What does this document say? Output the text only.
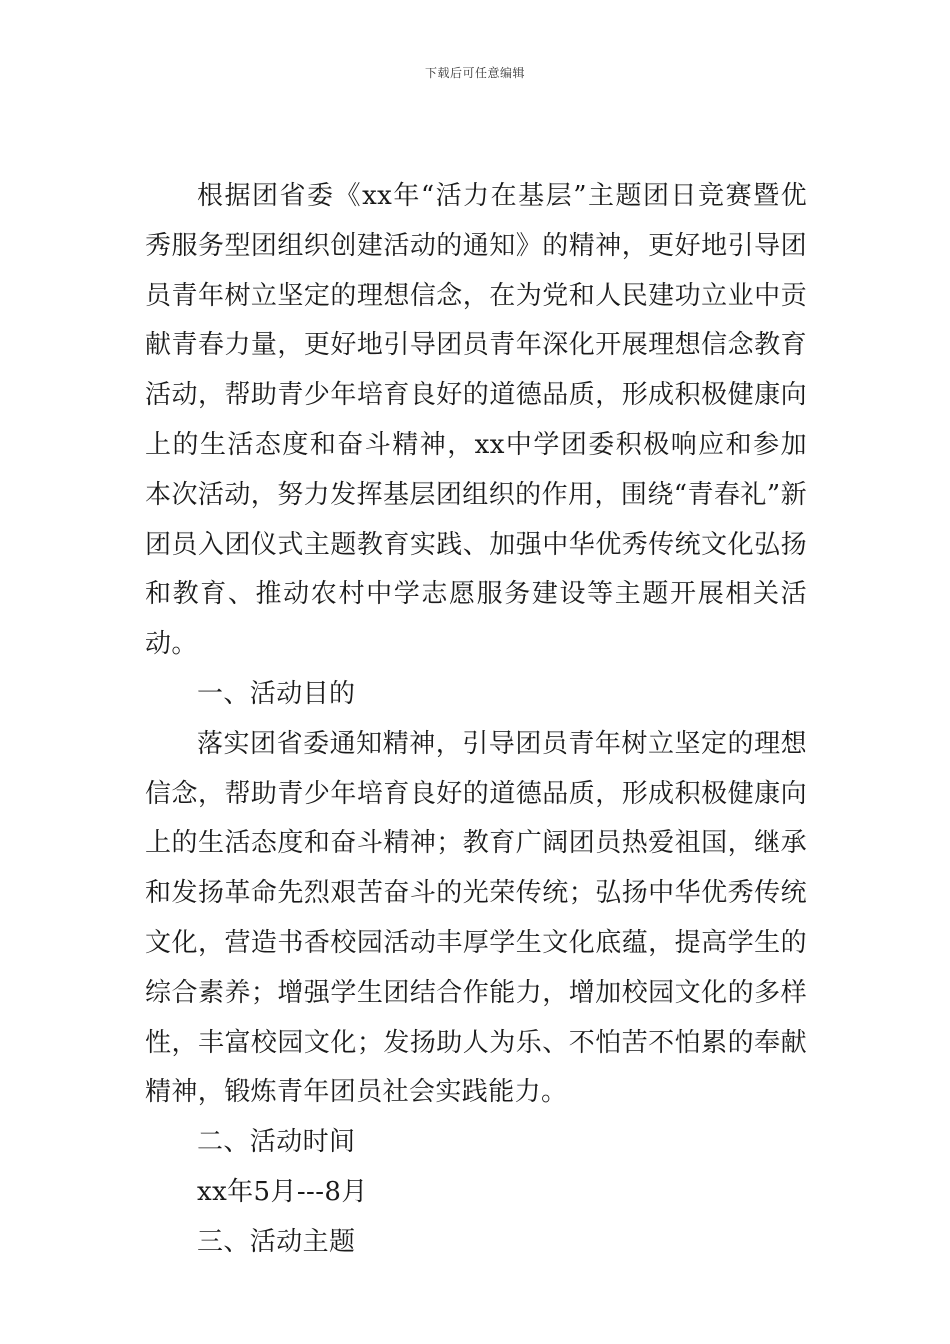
下载后可任意编辑

根据团省委《xx年“活力在基层”主题团日竞赛暨优秀服务型团组织创建活动的通知》的精神，更好地引导团员青年树立坚定的理想信念，在为党和人民建功立业中贡献青春力量，更好地引导团员青年深化开展理想信念教育活动，帮助青少年培育良好的道德品质，形成积极健康向上的生活态度和奋斗精神，xx中学团委积极响应和参加本次活动，努力发挥基层团组织的作用，围绕“青春礼”新团员入团仪式主题教育实践、加强中华优秀传统文化弘扬和教育、推动农村中学志愿服务建设等主题开展相关活动。

一、活动目的

落实团省委通知精神，引导团员青年树立坚定的理想信念，帮助青少年培育良好的道德品质，形成积极健康向上的生活态度和奋斗精神；教育广阔团员热爱祖国，继承和发扬革命先烈艰苦奋斗的光荣传统；弘扬中华优秀传统文化，营造书香校园活动丰厚学生文化底蕴，提高学生的综合素养；增强学生团结合作能力，增加校园文化的多样性，丰富校园文化；发扬助人为乐、不怕苦不怕累的奉献精神，锻炼青年团员社会实践能力。

二、活动时间

xx年5月---8月

三、活动主题
